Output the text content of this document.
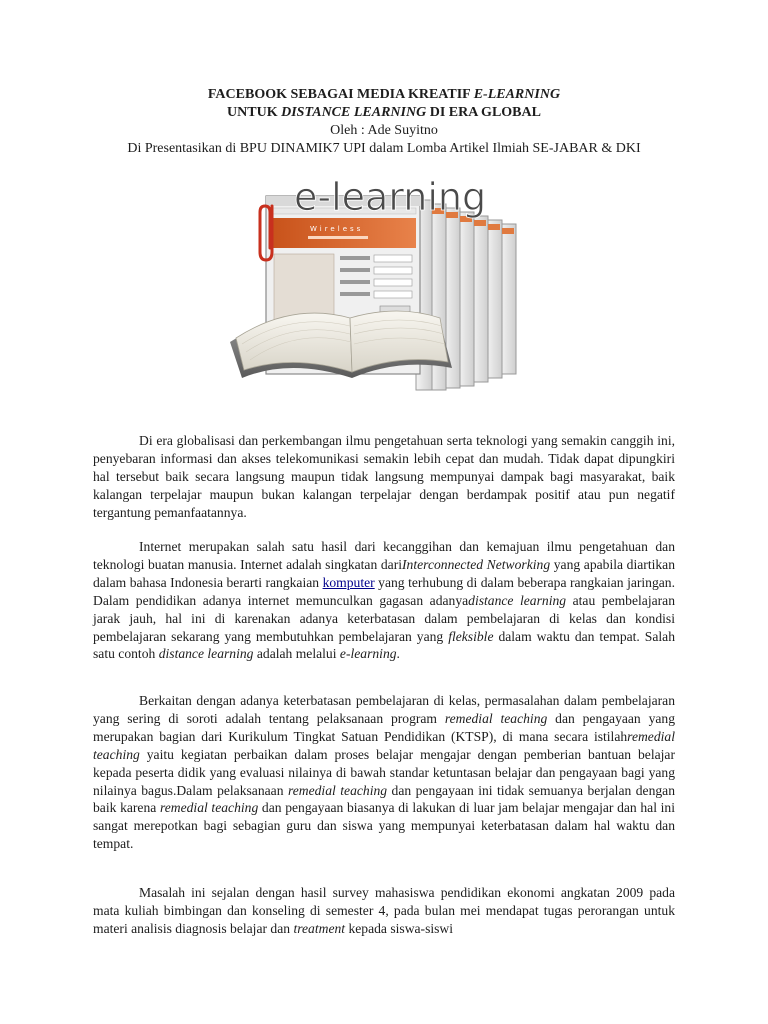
FACEBOOK SEBAGAI MEDIA KREATIF E-LEARNING
UNTUK DISTANCE LEARNING DI ERA GLOBAL
Oleh : Ade Suyitno
Di Presentasikan di BPU DINAMIK7 UPI dalam Lomba Artikel Ilmiah SE-JABAR & DKI
Wireless
e-learning

Di era globalisasi dan perkembangan ilmu pengetahuan serta teknologi yang semakin canggih ini, penyebaran informasi dan akses telekomunikasi semakin lebih cepat dan mudah. Tidak dapat dipungkiri hal tersebut baik secara langsung maupun tidak langsung mempunyai dampak bagi masyarakat, baik kalangan terpelajar maupun bukan kalangan terpelajar dengan berdampak positif atau pun negatif tergantung pemanfaatannya.

Internet merupakan salah satu hasil dari kecanggihan dan kemajuan ilmu pengetahuan dan teknologi buatan manusia. Internet adalah singkatan dariInterconnected Networking yang apabila diartikan dalam bahasa Indonesia berarti rangkaian komputer yang terhubung di dalam beberapa rangkaian jaringan. Dalam pendidikan adanya internet memunculkan gagasan adanyadistance learning atau pembelajaran jarak jauh, hal ini di karenakan adanya keterbatasan dalam pembelajaran di kelas dan kondisi pembelajaran sekarang yang membutuhkan pembelajaran yang fleksible dalam waktu dan tempat. Salah satu contoh distance learning adalah melalui e-learning.

Berkaitan dengan adanya keterbatasan pembelajaran di kelas, permasalahan dalam pembelajaran yang sering di soroti adalah tentang pelaksanaan program remedial teaching dan pengayaan yang merupakan bagian dari Kurikulum Tingkat Satuan Pendidikan (KTSP), di mana secara istilahremedial teaching yaitu kegiatan perbaikan dalam proses belajar mengajar dengan pemberian bantuan belajar kepada peserta didik yang evaluasi nilainya di bawah standar ketuntasan belajar dan pengayaan bagi yang nilainya bagus.Dalam pelaksanaan remedial teaching dan pengayaan ini tidak semuanya berjalan dengan baik karena remedial teaching dan pengayaan biasanya di lakukan di luar jam belajar mengajar dan hal ini sangat merepotkan bagi sebagian guru dan siswa yang mempunyai keterbatasan dalam hal waktu dan tempat.

Masalah ini sejalan dengan hasil survey mahasiswa pendidikan ekonomi angkatan 2009 pada mata kuliah bimbingan dan konseling di semester 4, pada bulan mei mendapat tugas perorangan untuk materi analisis diagnosis belajar dan treatment kepada siswa-siswi
